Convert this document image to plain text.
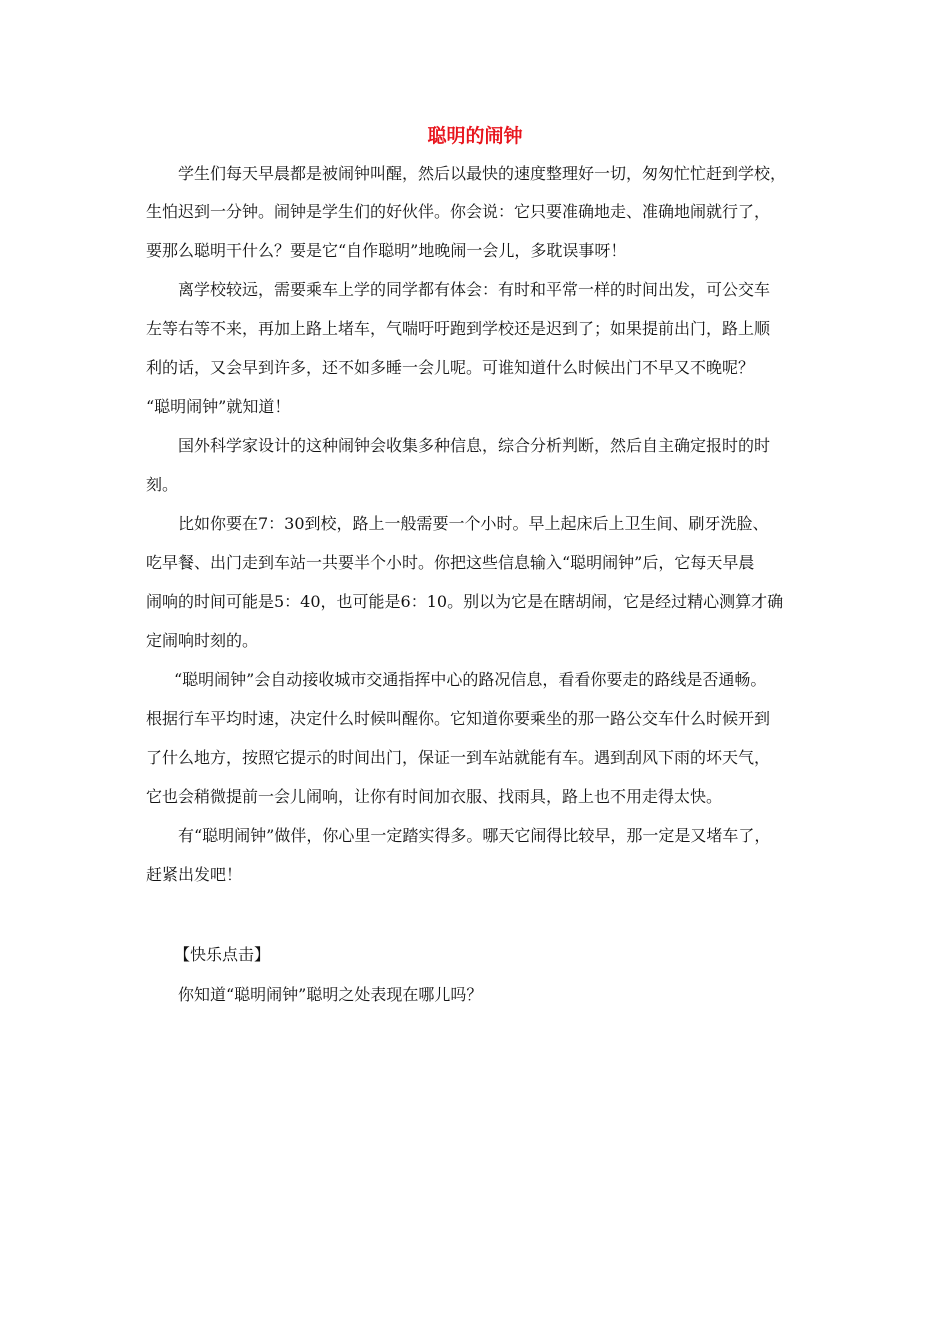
聪明的闹钟
学生们每天早晨都是被闹钟叫醒，然后以最快的速度整理好一切，匆匆忙忙赶到学校，
生怕迟到一分钟。闹钟是学生们的好伙伴。你会说：它只要准确地走、准确地闹就行了，
要那么聪明干什么？要是它“自作聪明”地晚闹一会儿，多耽误事呀！
离学校较远，需要乘车上学的同学都有体会：有时和平常一样的时间出发，可公交车
左等右等不来，再加上路上堵车，气喘吁吁跑到学校还是迟到了；如果提前出门，路上顺
利的话，又会早到许多，还不如多睡一会儿呢。可谁知道什么时候出门不早又不晚呢？
“聪明闹钟”就知道！
国外科学家设计的这种闹钟会收集多种信息，综合分析判断，然后自主确定报时的时
刻。
比如你要在7：30到校，路上一般需要一个小时。早上起床后上卫生间、刷牙洗脸、
吃早餐、出门走到车站一共要半个小时。你把这些信息输入“聪明闹钟”后，它每天早晨
闹响的时间可能是5：40，也可能是6：10。别以为它是在瞎胡闹，它是经过精心测算才确
定闹响时刻的。
“聪明闹钟”会自动接收城市交通指挥中心的路况信息，看看你要走的路线是否通畅。
根据行车平均时速，决定什么时候叫醒你。它知道你要乘坐的那一路公交车什么时候开到
了什么地方，按照它提示的时间出门，保证一到车站就能有车。遇到刮风下雨的坏天气，
它也会稍微提前一会儿闹响，让你有时间加衣服、找雨具，路上也不用走得太快。
有“聪明闹钟”做伴，你心里一定踏实得多。哪天它闹得比较早，那一定是又堵车了，
赶紧出发吧！
【快乐点击】
你知道“聪明闹钟”聪明之处表现在哪儿吗？
